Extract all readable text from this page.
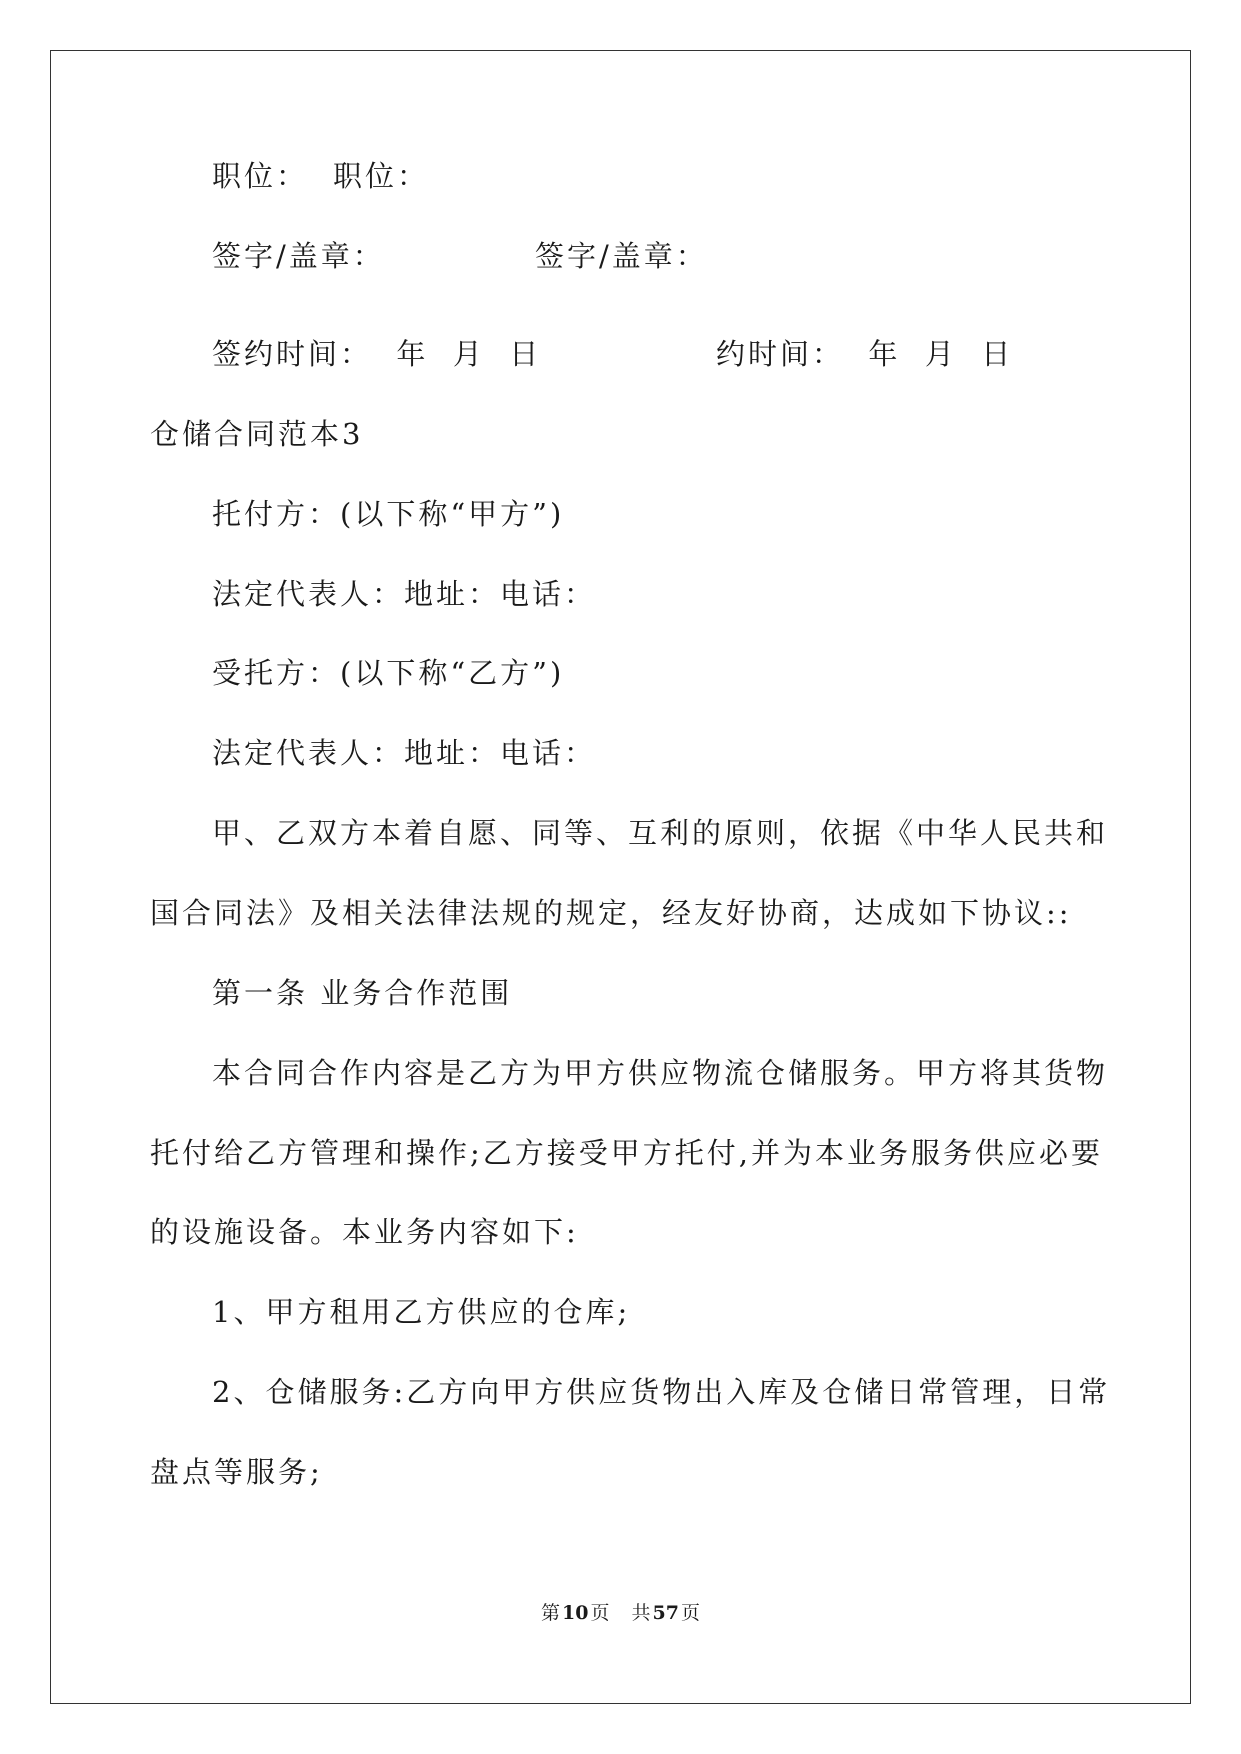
职位： 职位：
签字/盖章：	签字/盖章：
签约时间：  年  月  日	约时间：  年  月  日
仓储合同范本3
托付方：(以下称“甲方”)
法定代表人：地址：电话：
受托方：(以下称“乙方”)
法定代表人：地址：电话：
甲、乙双方本着自愿、同等、互利的原则，依据《中华人民共和
国合同法》及相关法律法规的规定，经友好协商，达成如下协议::
第一条 业务合作范围
本合同合作内容是乙方为甲方供应物流仓储服务。甲方将其货物
托付给乙方管理和操作;乙方接受甲方托付,并为本业务服务供应必要
的设施设备。本业务内容如下:
1、甲方租用乙方供应的仓库;
2、仓储服务:乙方向甲方供应货物出入库及仓储日常管理，日常
盘点等服务;
第 10 页 共 57 页
